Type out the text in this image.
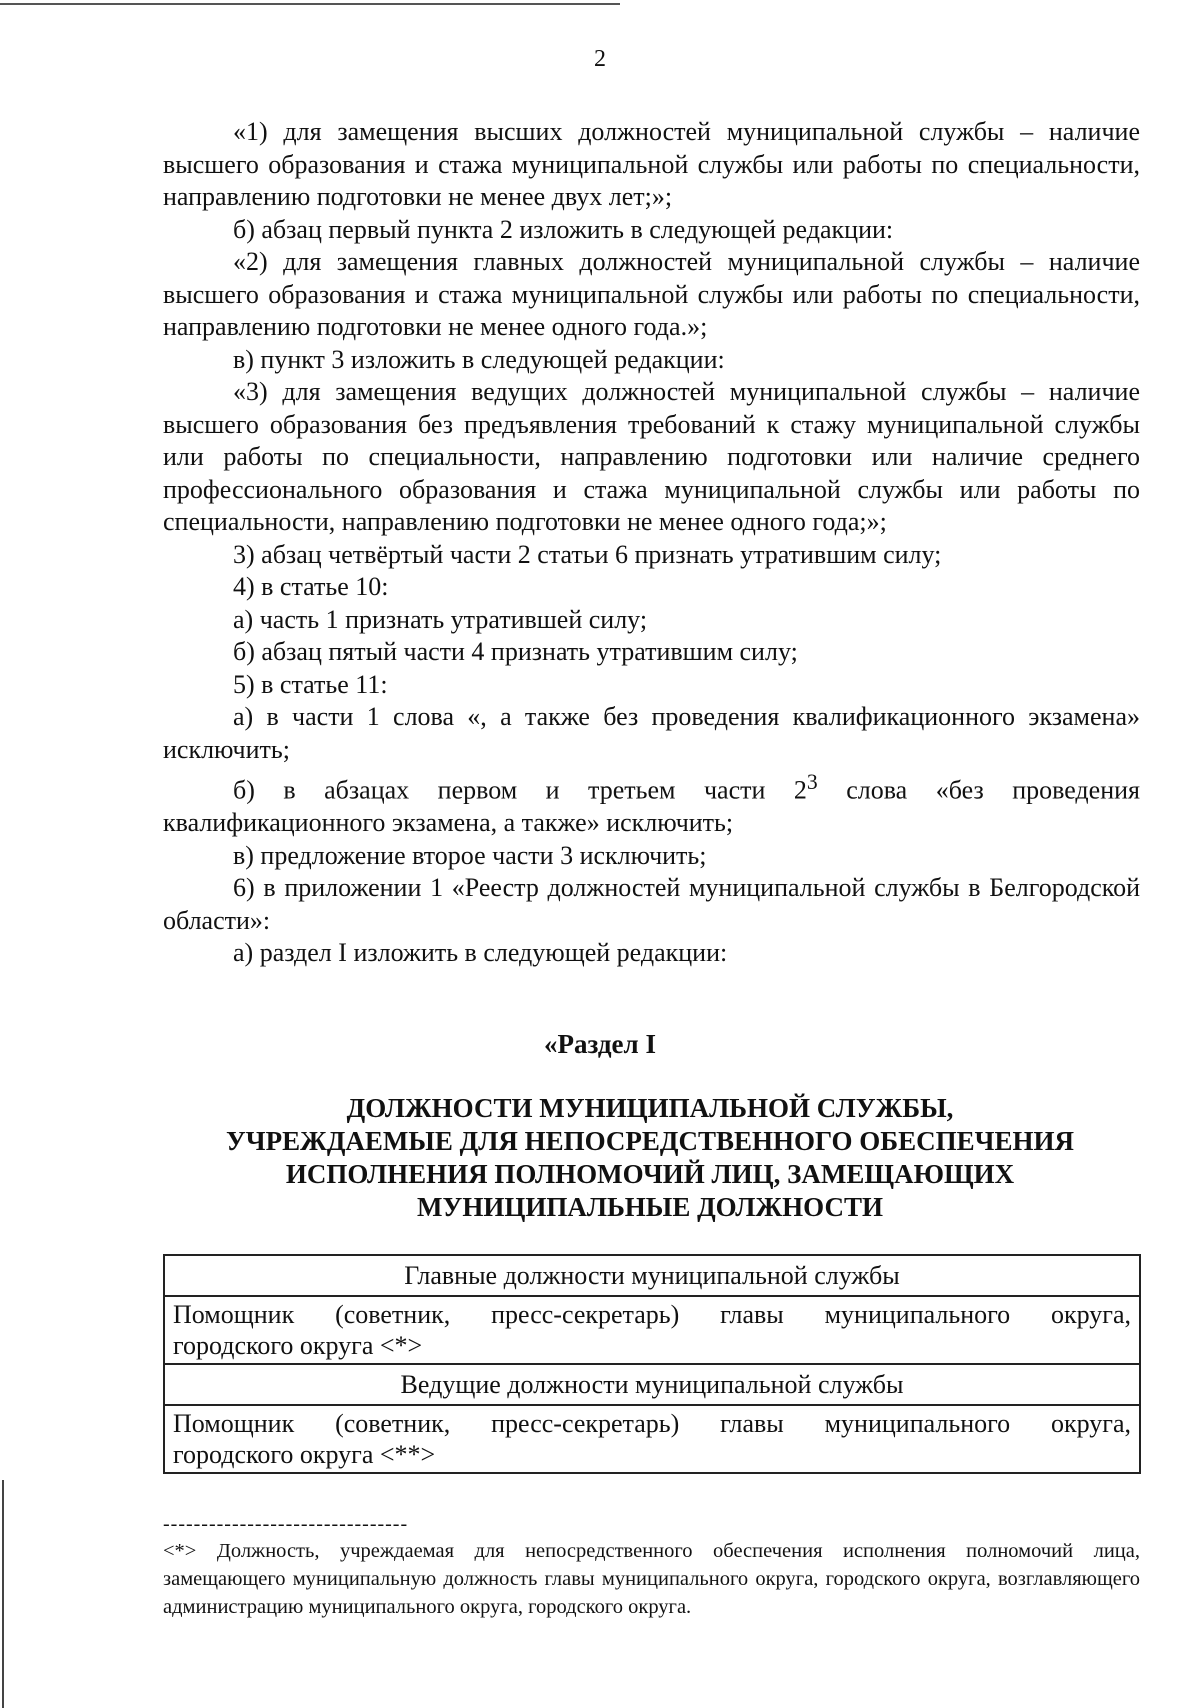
2

«1) для замещения высших должностей муниципальной службы – наличие высшего образования и стажа муниципальной службы или работы по специальности, направлению подготовки не менее двух лет;»;

б) абзац первый пункта 2 изложить в следующей редакции:

«2) для замещения главных должностей муниципальной службы – наличие высшего образования и стажа муниципальной службы или работы по специальности, направлению подготовки не менее одного года.»;

в) пункт 3 изложить в следующей редакции:

«3) для замещения ведущих должностей муниципальной службы – наличие высшего образования без предъявления требований к стажу муниципальной службы или работы по специальности, направлению подготовки или наличие среднего профессионального образования и стажа муниципальной службы или работы по специальности, направлению подготовки не менее одного года;»;

3) абзац четвёртый части 2 статьи 6 признать утратившим силу;

4) в статье 10:

а) часть 1 признать утратившей силу;

б) абзац пятый части 4 признать утратившим силу;

5) в статье 11:

а) в части 1 слова «, а также без проведения квалификационного экзамена» исключить;

б) в абзацах первом и третьем части $2^3$ слова «без проведения

квалификационного экзамена, а также» исключить;

в) предложение второе части 3 исключить;

6) в приложении 1 «Реестр должностей муниципальной службы в Белгородской области»:

а) раздел I изложить в следующей редакции:

«Раздел I
ДОЛЖНОСТИ МУНИЦИПАЛЬНОЙ СЛУЖБЫ,
УЧРЕЖДАЕМЫЕ ДЛЯ НЕПОСРЕДСТВЕННОГО ОБЕСПЕЧЕНИЯ
ИСПОЛНЕНИЯ ПОЛНОМОЧИЙ ЛИЦ, ЗАМЕЩАЮЩИХ
МУНИЦИПАЛЬНЫЕ ДОЛЖНОСТИ
Главные должности муниципальной службы
Помощник (советник, пресс-секретарь) главы муниципального округа,
городского округа <*>
Ведущие должности муниципальной службы
Помощник (советник, пресс-секретарь) главы муниципального округа,
городского округа <**>
--------------------------------
<*> Должность, учреждаемая для непосредственного обеспечения исполнения полномочий лица, замещающего муниципальную должность главы муниципального округа, городского округа, возглавляющего администрацию муниципального округа, городского округа.
